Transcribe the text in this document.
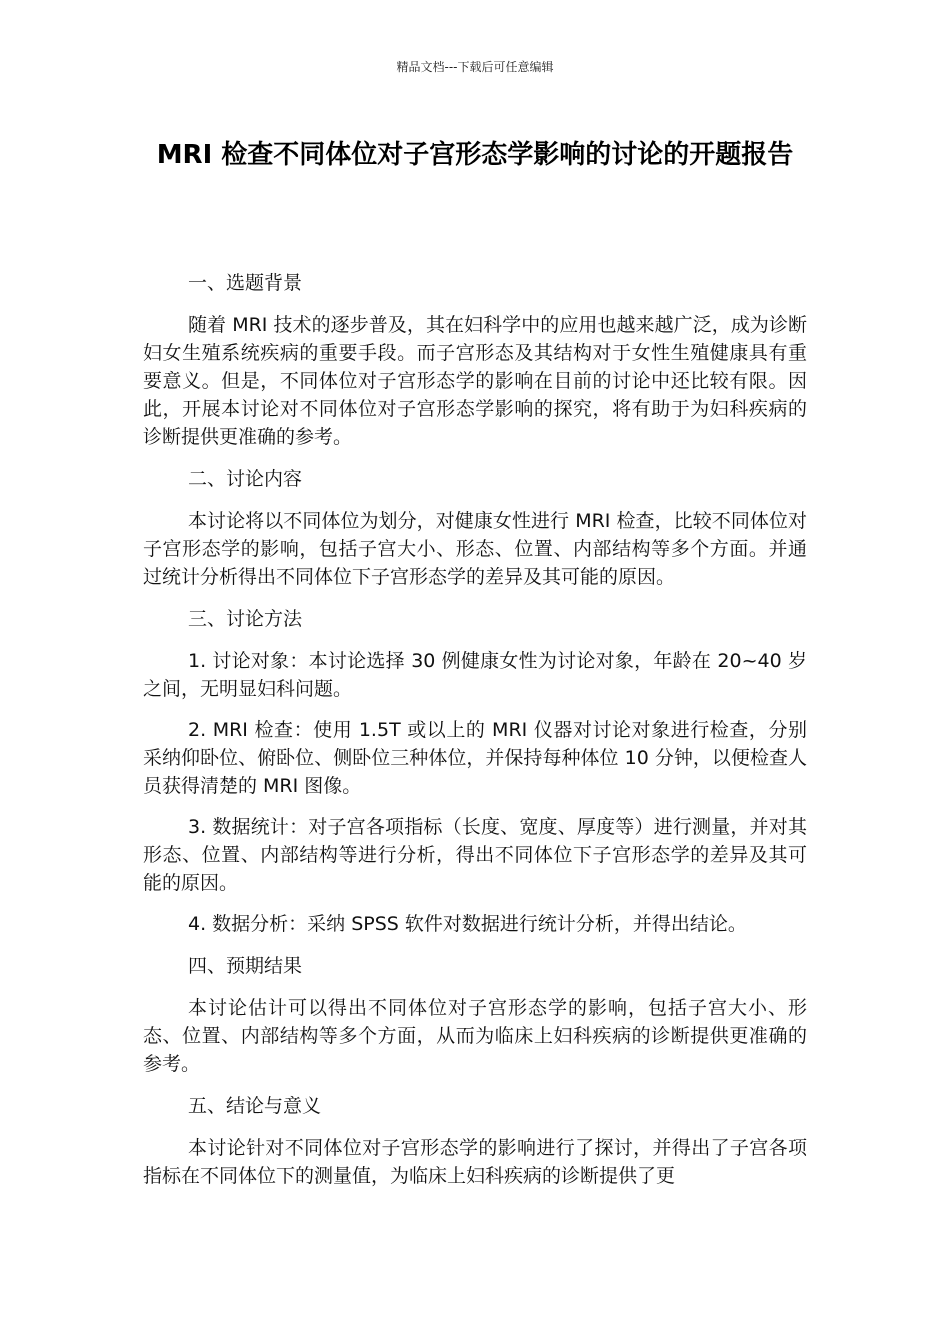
精品文档---下载后可任意编辑
MRI 检查不同体位对子宫形态学影响的讨论的开题报告
一、选题背景

随着 MRI 技术的逐步普及，其在妇科学中的应用也越来越广泛，成为诊断妇女生殖系统疾病的重要手段。而子宫形态及其结构对于女性生殖健康具有重要意义。但是，不同体位对子宫形态学的影响在目前的讨论中还比较有限。因此，开展本讨论对不同体位对子宫形态学影响的探究，将有助于为妇科疾病的诊断提供更准确的参考。

二、讨论内容

本讨论将以不同体位为划分，对健康女性进行 MRI 检查，比较不同体位对子宫形态学的影响，包括子宫大小、形态、位置、内部结构等多个方面。并通过统计分析得出不同体位下子宫形态学的差异及其可能的原因。

三、讨论方法

1. 讨论对象：本讨论选择 30 例健康女性为讨论对象，年龄在 20~40 岁之间，无明显妇科问题。

2. MRI 检查：使用 1.5T 或以上的 MRI 仪器对讨论对象进行检查，分别采纳仰卧位、俯卧位、侧卧位三种体位，并保持每种体位 10 分钟，以便检查人员获得清楚的 MRI 图像。

3. 数据统计：对子宫各项指标（长度、宽度、厚度等）进行测量，并对其形态、位置、内部结构等进行分析，得出不同体位下子宫形态学的差异及其可能的原因。

4. 数据分析：采纳 SPSS 软件对数据进行统计分析，并得出结论。

四、预期结果

本讨论估计可以得出不同体位对子宫形态学的影响，包括子宫大小、形态、位置、内部结构等多个方面，从而为临床上妇科疾病的诊断提供更准确的参考。

五、结论与意义

本讨论针对不同体位对子宫形态学的影响进行了探讨，并得出了子宫各项指标在不同体位下的测量值，为临床上妇科疾病的诊断提供了更
